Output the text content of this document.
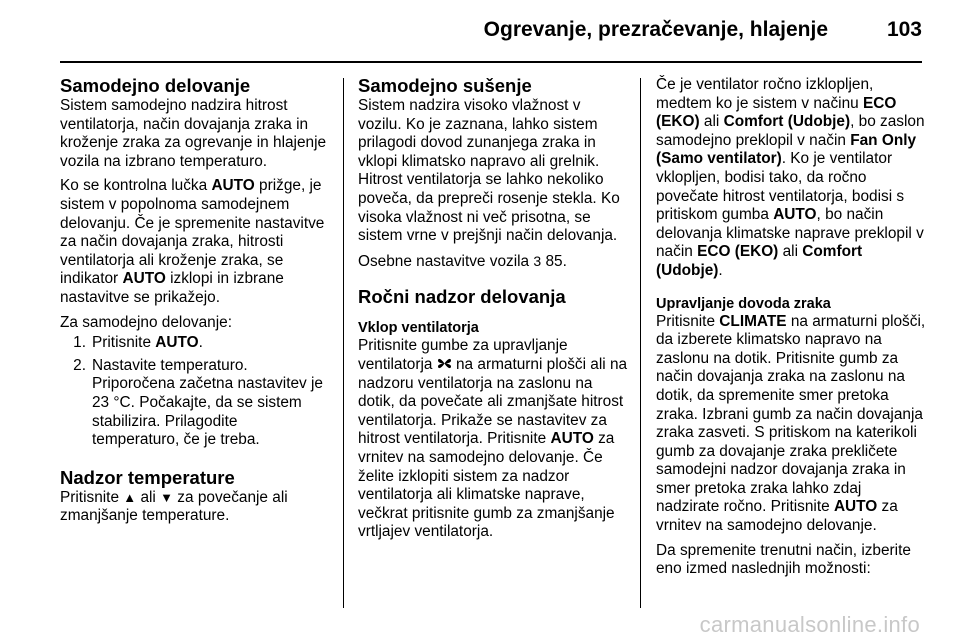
Ogrevanje, prezračevanje, hlajenje	103
Samodejno delovanje

Sistem samodejno nadzira hitrost ventilatorja, način dovajanja zraka in kroženje zraka za ogrevanje in hlajenje vozila na izbrano temperaturo.

Ko se kontrolna lučka AUTO prižge, je sistem v popolnoma samodejnem delovanju. Če je spremenite nastavitve za način dovajanja zraka, hitrosti ventilatorja ali kroženje zraka, se indikator AUTO izklopi in izbrane nastavitve se prikažejo.

Za samodejno delovanje:

1. Pritisnite AUTO.
2. Nastavite temperaturo. Priporočena začetna nastavitev je 23 °C. Počakajte, da se sistem stabilizira. Prilagodite temperaturo, če je treba.
Nadzor temperature

Pritisnite ▲ ali ▼ za povečanje ali zmanjšanje temperature.

Samodejno sušenje

Sistem nadzira visoko vlažnost v vozilu. Ko je zaznana, lahko sistem prilagodi dovod zunanjega zraka in vklopi klimatsko napravo ali grelnik. Hitrost ventilatorja se lahko nekoliko poveča, da prepreči rosenje stekla. Ko visoka vlažnost ni več prisotna, se sistem vrne v prejšnji način delovanja.

Osebne nastavitve vozila 3 85.

Ročni nadzor delovanja
Vklop ventilatorja

Pritisnite gumbe za upravljanje ventilatorja na armaturni plošči ali na nadzoru ventilatorja na zaslonu na dotik, da povečate ali zmanjšate hitrost ventilatorja. Prikaže se nastavitev za hitrost ventilatorja. Pritisnite AUTO za vrnitev na samodejno delovanje. Če želite izklopiti sistem za nadzor ventilatorja ali klimatske naprave, večkrat pritisnite gumb za zmanjšanje vrtljajev ventilatorja.

Če je ventilator ročno izklopljen, medtem ko je sistem v načinu ECO (EKO) ali Comfort (Udobje), bo zaslon samodejno preklopil v način Fan Only (Samo ventilator). Ko je ventilator vklopljen, bodisi tako, da ročno povečate hitrost ventilatorja, bodisi s pritiskom gumba AUTO, bo način delovanja klimatske naprave preklopil v način ECO (EKO) ali Comfort (Udobje).

Upravljanje dovoda zraka

Pritisnite CLIMATE na armaturni plošči, da izberete klimatsko napravo na zaslonu na dotik. Pritisnite gumb za način dovajanja zraka na zaslonu na dotik, da spremenite smer pretoka zraka. Izbrani gumb za način dovajanja zraka zasveti. S pritiskom na katerikoli gumb za dovajanje zraka prekličete samodejni nadzor dovajanja zraka in smer pretoka zraka lahko zdaj nadzirate ročno. Pritisnite AUTO za vrnitev na samodejno delovanje.

Da spremenite trenutni način, izberite eno izmed naslednjih možnosti:

carmanualsonline.info
